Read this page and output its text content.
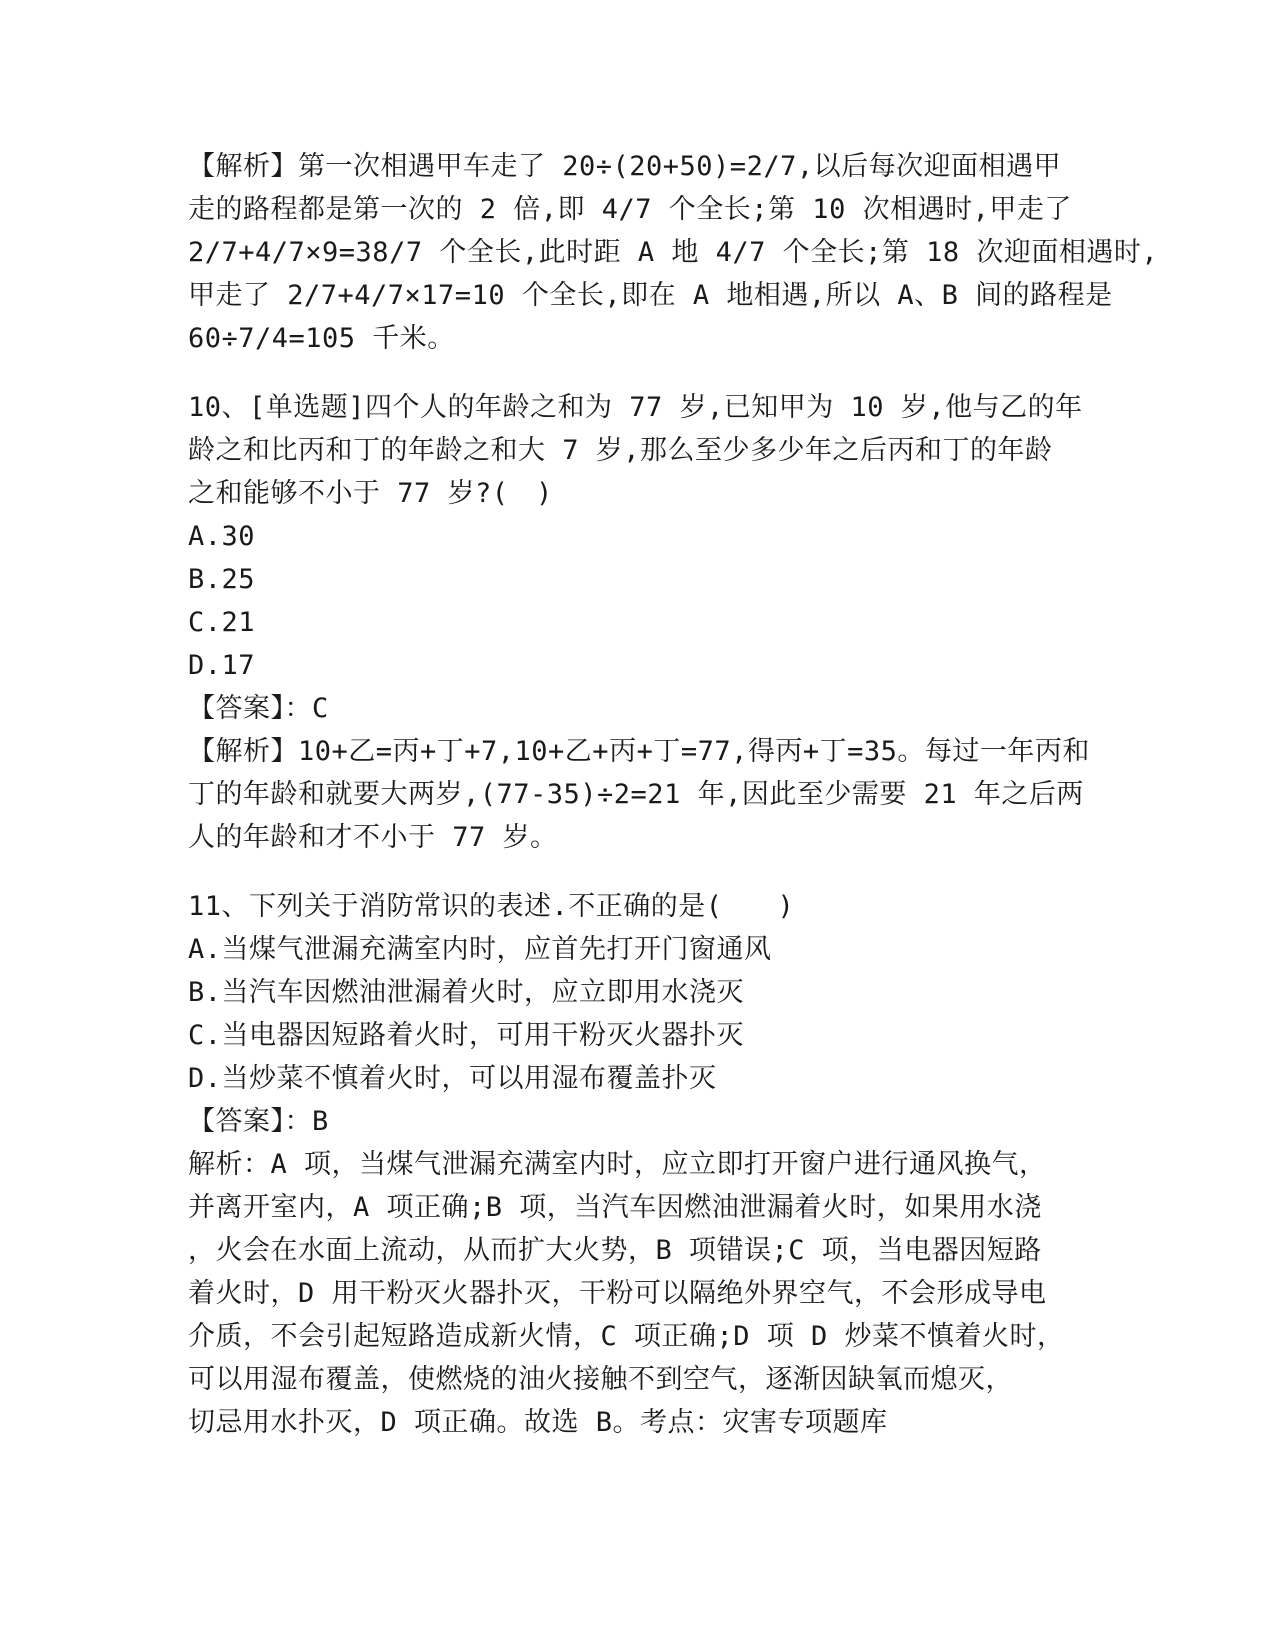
【解析】第一次相遇甲车走了 20÷(20+50)=2/7,以后每次迎面相遇甲
走的路程都是第一次的 2 倍,即 4/7 个全长;第 10 次相遇时,甲走了
2/7+4/7×9=38/7 个全长,此时距 A 地 4/7 个全长;第 18 次迎面相遇时,
甲走了 2/7+4/7×17=10 个全长,即在 A 地相遇,所以 A、B 间的路程是
60÷7/4=105 千米。
10、[单选题]四个人的年龄之和为 77 岁,已知甲为 10 岁,他与乙的年
龄之和比丙和丁的年龄之和大 7 岁,那么至少多少年之后丙和丁的年龄
之和能够不小于 77 岁?(　)
A.30
B.25
C.21
D.17
【答案】：C
【解析】10+乙=丙+丁+7,10+乙+丙+丁=77,得丙+丁=35。每过一年丙和
丁的年龄和就要大两岁,(77-35)÷2=21 年,因此至少需要 21 年之后两
人的年龄和才不小于 77 岁。
11、下列关于消防常识的表述.不正确的是(　　)
A.当煤气泄漏充满室内时，应首先打开门窗通风
B.当汽车因燃油泄漏着火时，应立即用水浇灭
C.当电器因短路着火时，可用干粉灭火器扑灭
D.当炒菜不慎着火时，可以用湿布覆盖扑灭
【答案】：B
解析：A 项，当煤气泄漏充满室内时，应立即打开窗户进行通风换气，
并离开室内，A 项正确;B 项，当汽车因燃油泄漏着火时，如果用水浇
，火会在水面上流动，从而扩大火势，B 项错误;C 项，当电器因短路
着火时，D 用干粉灭火器扑灭，干粉可以隔绝外界空气，不会形成导电
介质，不会引起短路造成新火情，C 项正确;D 项 D 炒菜不慎着火时，
可以用湿布覆盖，使燃烧的油火接触不到空气，逐渐因缺氧而熄灭，
切忌用水扑灭，D 项正确。故选 B。考点：灾害专项题库
